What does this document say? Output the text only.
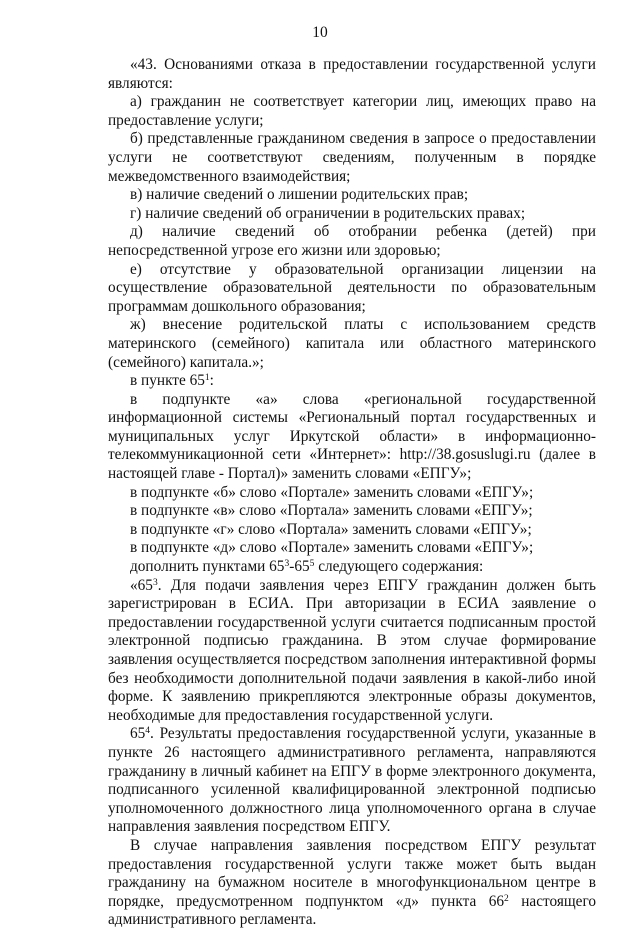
10

«43. Основаниями отказа в предоставлении государственной услуги являются:

а) гражданин не соответствует категории лиц, имеющих право на предоставление услуги;

б) представленные гражданином сведения в запросе о предоставлении услуги не соответствуют сведениям, полученным в порядке межведомственного взаимодействия;

в) наличие сведений о лишении родительских прав;

г) наличие сведений об ограничении в родительских правах;

д) наличие сведений об отобрании ребенка (детей) при непосредственной угрозе его жизни или здоровью;

е) отсутствие у образовательной организации лицензии на осуществление образовательной деятельности по образовательным программам дошкольного образования;

ж) внесение родительской платы с использованием средств материнского (семейного) капитала или областного материнского (семейного) капитала.»;

в пункте $65^1$:

в подпункте «а» слова «региональной государственной информационной системы «Региональный портал государственных и муниципальных услуг Иркутской области» в информационно-телекоммуникационной сети «Интернет»: http://38.gosuslugi.ru (далее в настоящей главе - Портал)» заменить словами «ЕПГУ»;

в подпункте «б» слово «Портале» заменить словами «ЕПГУ»;

в подпункте «в» слово «Портала» заменить словами «ЕПГУ»;

в подпункте «г» слово «Портала» заменить словами «ЕПГУ»;

в подпункте «д» слово «Портале» заменить словами «ЕПГУ»;

дополнить пунктами $65^3-65^5$ следующего содержания:

«$65^3$. Для подачи заявления через ЕПГУ гражданин должен быть зарегистрирован в ЕСИА. При авторизации в ЕСИА заявление о предоставлении государственной услуги считается подписанным простой электронной подписью гражданина. В этом случае формирование заявления осуществляется посредством заполнения интерактивной формы без необходимости дополнительной подачи заявления в какой-либо иной форме. К заявлению прикрепляются электронные образы документов, необходимые для предоставления государственной услуги.

$65^4$. Результаты предоставления государственной услуги, указанные в пункте 26 настоящего административного регламента, направляются гражданину в личный кабинет на ЕПГУ в форме электронного документа, подписанного усиленной квалифицированной электронной подписью уполномоченного должностного лица уполномоченного органа в случае направления заявления посредством ЕПГУ.

В случае направления заявления посредством ЕПГУ результат предоставления государственной услуги также может быть выдан гражданину на бумажном носителе в многофункциональном центре в порядке, предусмотренном подпунктом «д» пункта $66^2$ настоящего административного регламента.
